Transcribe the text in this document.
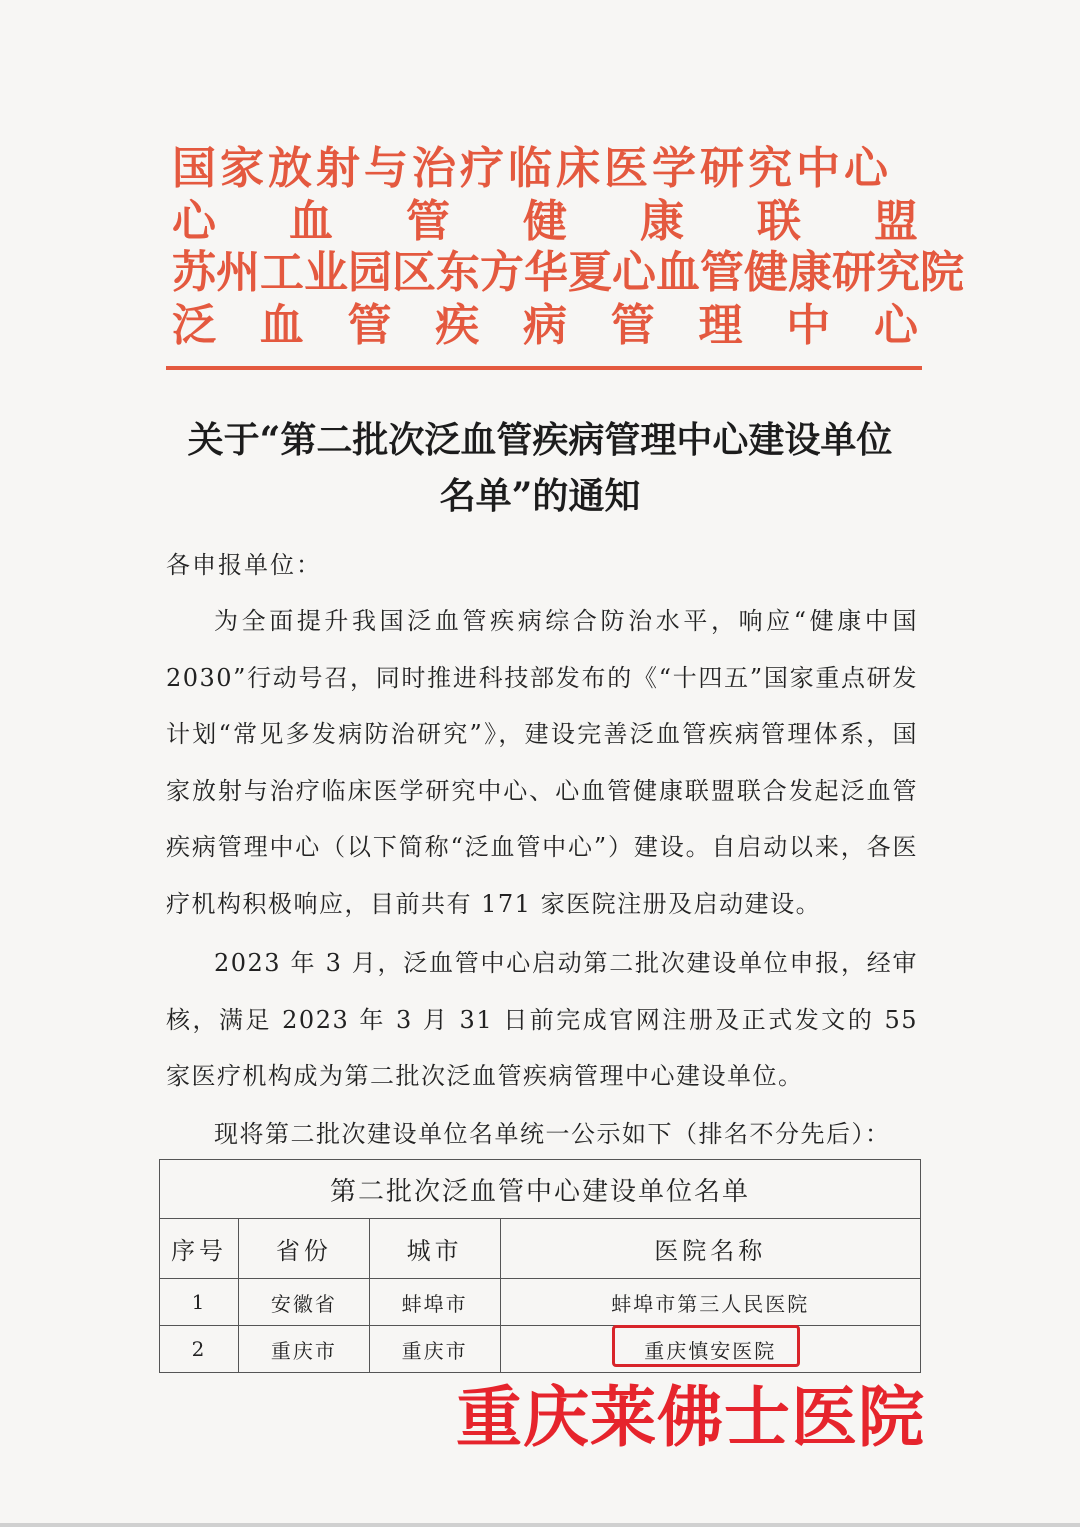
国家放射与治疗临床医学研究中心
心 血 管 健 康 联 盟
苏州工业园区东方华夏心血管健康研究院
泛 血 管 疾 病 管 理 中 心
关于“第二批次泛血管疾病管理中心建设单位
名单”的通知
各申报单位：

为全面提升我国泛血管疾病综合防治水平，响应“健康中国 2030”行动号召，同时推进科技部发布的《“十四五”国家重点研发计划“常见多发病防治研究”》，建设完善泛血管疾病管理体系，国家放射与治疗临床医学研究中心、心血管健康联盟联合发起泛血管疾病管理中心（以下简称“泛血管中心”）建设。自启动以来，各医疗机构积极响应，目前共有 171 家医院注册及启动建设。

2023 年 3 月，泛血管中心启动第二批次建设单位申报，经审核，满足 2023 年 3 月 31 日前完成官网注册及正式发文的 55 家医疗机构成为第二批次泛血管疾病管理中心建设单位。

现将第二批次建设单位名单统一公示如下（排名不分先后）：

第二批次泛血管中心建设单位名单			
序号	省份	城市	医院名称
1	安徽省	蚌埠市	蚌埠市第三人民医院
2	重庆市	重庆市	重庆慎安医院
重庆莱佛士医院
